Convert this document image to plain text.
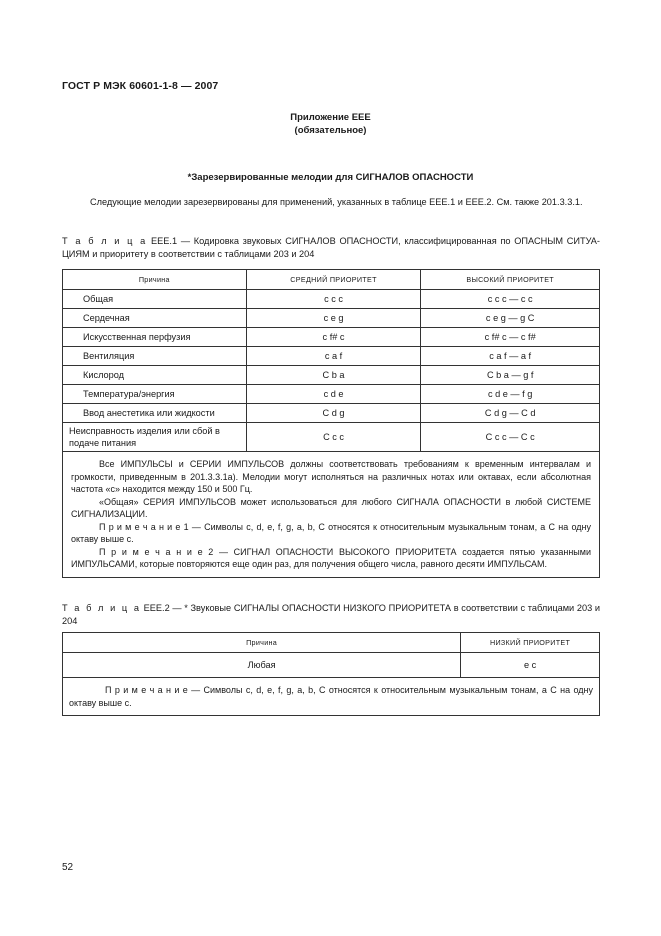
ГОСТ Р МЭК 60601-1-8 — 2007
Приложение ЕЕЕ
(обязательное)
*Зарезервированные мелодии для СИГНАЛОВ ОПАСНОСТИ
Следующие мелодии зарезервированы для применений, указанных в таблице ЕЕЕ.1 и ЕЕЕ.2. См. также 201.3.3.1.
Т а б л и ц а ЕЕЕ.1 — Кодировка звуковых СИГНАЛОВ ОПАСНОСТИ, классифицированная по ОПАСНЫМ СИТУА-ЦИЯМ и приоритету в соответствии с таблицами 203 и 204
Причина	СРЕДНИЙ ПРИОРИТЕТ	ВЫСОКИЙ ПРИОРИТЕТ
Общая	c c c	c c c — c c
Сердечная	c e g	c e g — g C
Искусственная перфузия	c f# c	c f# c — c f#
Вентиляция	c a f	c a f — a f
Кислород	C b a	C b a — g f
Температура/энергия	c d e	c d e — f g
Ввод анестетика или жидкости	C d g	C d g — C d
Неисправность изделия или сбой в подаче питания	C c c	C c c — C c

Все ИМПУЛЬСЫ и СЕРИИ ИМПУЛЬСОВ должны соответствовать требованиям к временным интервалам и громкости, приведенным в 201.3.3.1а). Мелодии могут исполняться на различных нотах или октавах, если абсолютная частота «с» находится между 150 и 500 Гц.

«Общая» СЕРИЯ ИМПУЛЬСОВ может использоваться для любого СИГНАЛА ОПАСНОСТИ в любой СИСТЕМЕ СИГНАЛИЗАЦИИ.

П р и м е ч а н и е 1 — Символы c, d, e, f, g, a, b, C относятся к относительным музыкальным тонам, а C на одну октаву выше с.

П р и м е ч а н и е 2 — СИГНАЛ ОПАСНОСТИ ВЫСОКОГО ПРИОРИТЕТА создается пятью указанными ИМПУЛЬСАМИ, которые повторяются еще один раз, для получения общего числа, равного десяти ИМПУЛЬСАМ.		

Т а б л и ц а ЕЕЕ.2 — * Звуковые СИГНАЛЫ ОПАСНОСТИ НИЗКОГО ПРИОРИТЕТА в соответствии с таблицами 203 и 204
Причина	НИЗКИЙ ПРИОРИТЕТ
Любая	e c

П р и м е ч а н и е — Символы c, d, e, f, g, a, b, C относятся к относительным музыкальным тонам, а C на одну октаву выше с.	

52
